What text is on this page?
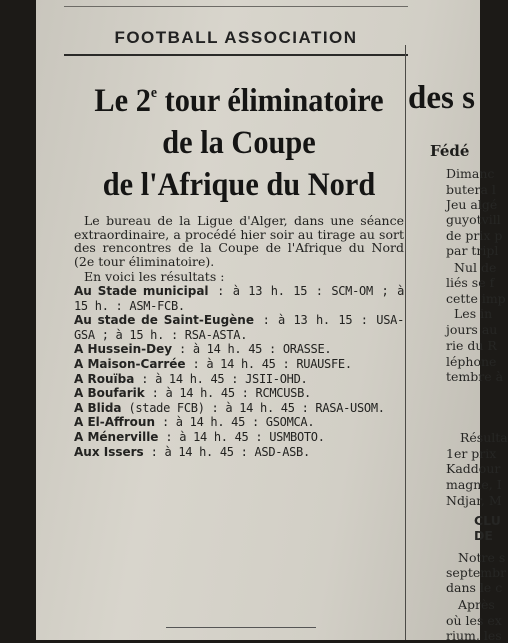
FOOTBALL ASSOCIATION
Le 2e tour éliminatoire
de la Coupe
de l'Afrique du Nord

Le bureau de la Ligue d'Alger, dans une séance extraordinaire, a procédé hier soir au tirage au sort des rencontres de la Coupe de l'Afrique du Nord (2e tour éliminatoire).

En voici les résultats :

Au Stade municipal : à 13 h. 15 : SCM-OM ; à 15 h. : ASM-FCB.

Au stade de Saint-Eugène : à 13 h. 15 : USA-GSA ; à 15 h. : RSA-ASTA.

A Hussein-Dey : à 14 h. 45 : ORASSE.

A Maison-Carrée : à 14 h. 45 : RUAUSFE.

A Rouïba : à 14 h. 45 : JSII-OHD.

A Boufarik : à 14 h. 45 : RCMCUSB.

A Blida (stade FCB) : à 14 h. 45 : RASA-USOM.

A El-Affroun : à 14 h. 45 : GSOMCA.

A Ménerville : à 14 h. 45 : USMBOTO.

Aux Issers : à 14 h. 45 : ASD-ASB.

des s
Fédé
Dimanc
butera l
Jeu algé
guyotvill
de prix p
par tripl
Nul de
liés se f
cette imp
Les in
jours au
rie du R
léphone
tembre à
Résulta
1er prix
Kaddour
magne, I
Ndjar, M
CLU
DE
Notre s
septembr
dans le c
Après
où les ex
rium, les
